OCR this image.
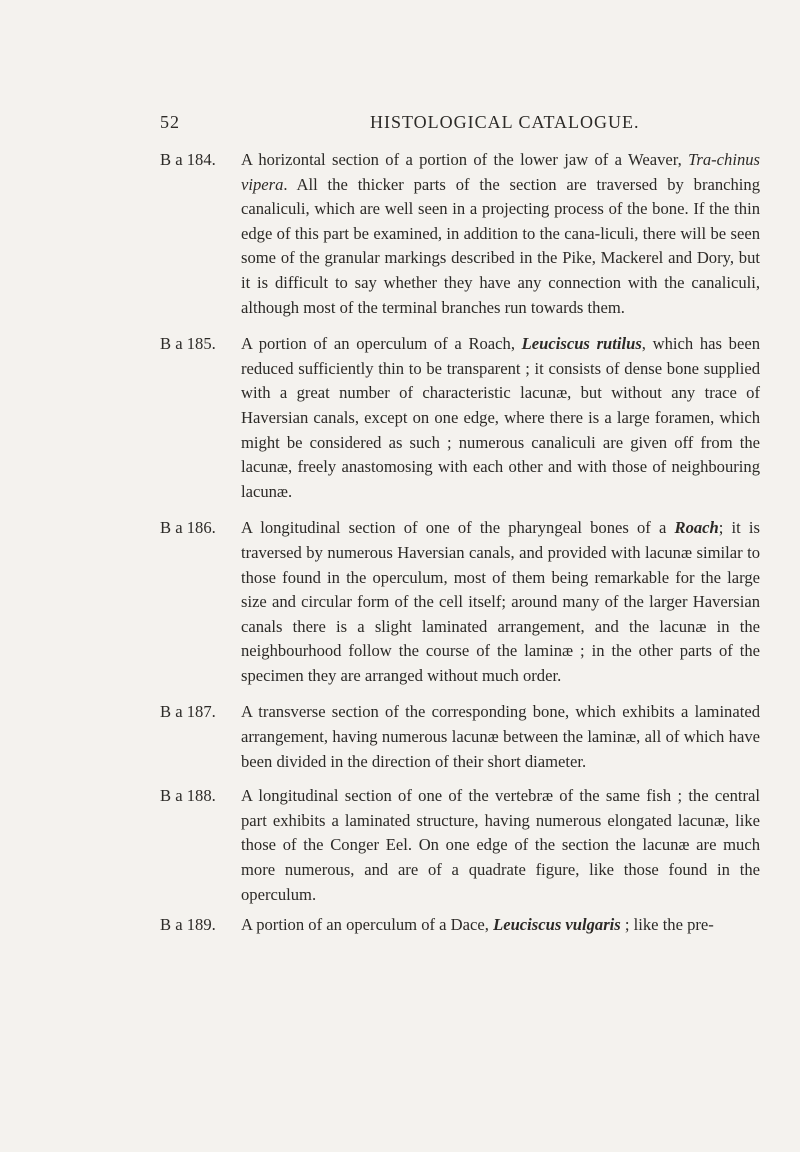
52	HISTOLOGICAL CATALOGUE.

B a 184. A horizontal section of a portion of the lower jaw of a Weaver, Tra-chinus vipera. All the thicker parts of the section are traversed by branching canaliculi, which are well seen in a projecting process of the bone. If the thin edge of this part be examined, in addition to the cana-liculi, there will be seen some of the granular markings described in the Pike, Mackerel and Dory, but it is difficult to say whether they have any connection with the canaliculi, although most of the terminal branches run towards them.

B a 185. A portion of an operculum of a Roach, Leuciscus rutilus, which has been reduced sufficiently thin to be transparent ; it consists of dense bone supplied with a great number of characteristic lacunæ, but without any trace of Haversian canals, except on one edge, where there is a large foramen, which might be considered as such ; numerous canaliculi are given off from the lacunæ, freely anastomosing with each other and with those of neighbouring lacunæ.

B a 186. A longitudinal section of one of the pharyngeal bones of a Roach; it is traversed by numerous Haversian canals, and provided with lacunæ similar to those found in the operculum, most of them being remarkable for the large size and circular form of the cell itself; around many of the larger Haversian canals there is a slight laminated arrangement, and the lacunæ in the neighbourhood follow the course of the laminæ ; in the other parts of the specimen they are arranged without much order.

B a 187. A transverse section of the corresponding bone, which exhibits a laminated arrangement, having numerous lacunæ between the laminæ, all of which have been divided in the direction of their short diameter.

B a 188. A longitudinal section of one of the vertebræ of the same fish ; the central part exhibits a laminated structure, having numerous elongated lacunæ, like those of the Conger Eel. On one edge of the section the lacunæ are much more numerous, and are of a quadrate figure, like those found in the operculum.

B a 189. A portion of an operculum of a Dace, Leuciscus vulgaris ; like the pre-
